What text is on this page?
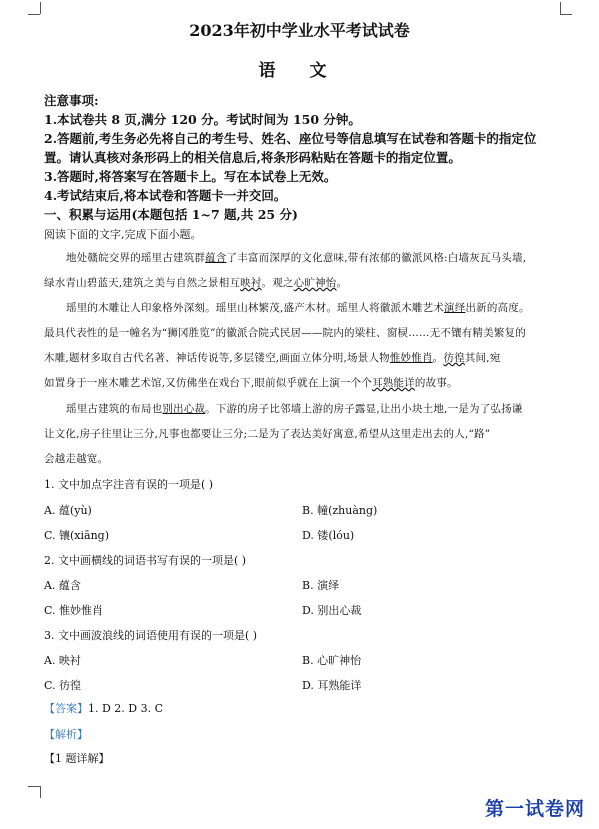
2023年初中学业水平考试试卷
语 文
注意事项:
1.本试卷共 8 页,满分 120 分。考试时间为 150 分钟。
2.答题前,考生务必先将自己的考生号、姓名、座位号等信息填写在试卷和答题卡的指定位
置。请认真核对条形码上的相关信息后,将条形码粘贴在答题卡的指定位置。
3.答题时,将答案写在答题卡上。写在本试卷上无效。
4.考试结束后,将本试卷和答题卡一并交回。
一、积累与运用(本题包括 1~7 题,共 25 分)
阅读下面的文字,完成下面小题。
地处赣皖交界的瑶里古建筑群蕴含了丰富而深厚的文化意味,带有浓郁的徽派风格:白墙灰瓦马头墙,
绿水青山碧蓝天,建筑之美与自然之景相互映衬。观之心旷神怡。
瑶里的木雕让人印象格外深刻。瑶里山林繁茂,盛产木材。瑶里人将徽派木雕艺术演绎出新的高度。
最具代表性的是一幢名为“狮冈胜览”的徽派合院式民居——院内的梁柱、窗棂……无不镶有精美繁复的
木雕,题材多取自古代名著、神话传说等,多层镂空,画面立体分明,场景人物惟妙惟肖。彷徨其间,宛
如置身于一座木雕艺术馆,又仿佛坐在戏台下,眼前似乎就在上演一个个耳熟能详的故事。
瑶里古建筑的布局也别出心裁。下游的房子比邻墙上游的房子露显,让出小块土地,一是为了弘扬谦
让文化,房子往里让三分,凡事也都要让三分;二是为了表达美好寓意,希望从这里走出去的人,“路”
会越走越宽。
1. 文中加点字注音有误的一项是( )
A. 蕴(yù)	B. 幢(zhuàng)
C. 镶(xiāng)	D. 镂(lóu)
2. 文中画横线的词语书写有误的一项是( )
A. 蕴含	B. 演绎
C. 惟妙惟肖	D. 别出心裁
3. 文中画波浪线的词语使用有误的一项是( )
A. 映衬	B. 心旷神怡
C. 彷徨	D. 耳熟能详
【答案】1. D 2. D 3. C
【解析】
【1 题详解】
第一试卷网
